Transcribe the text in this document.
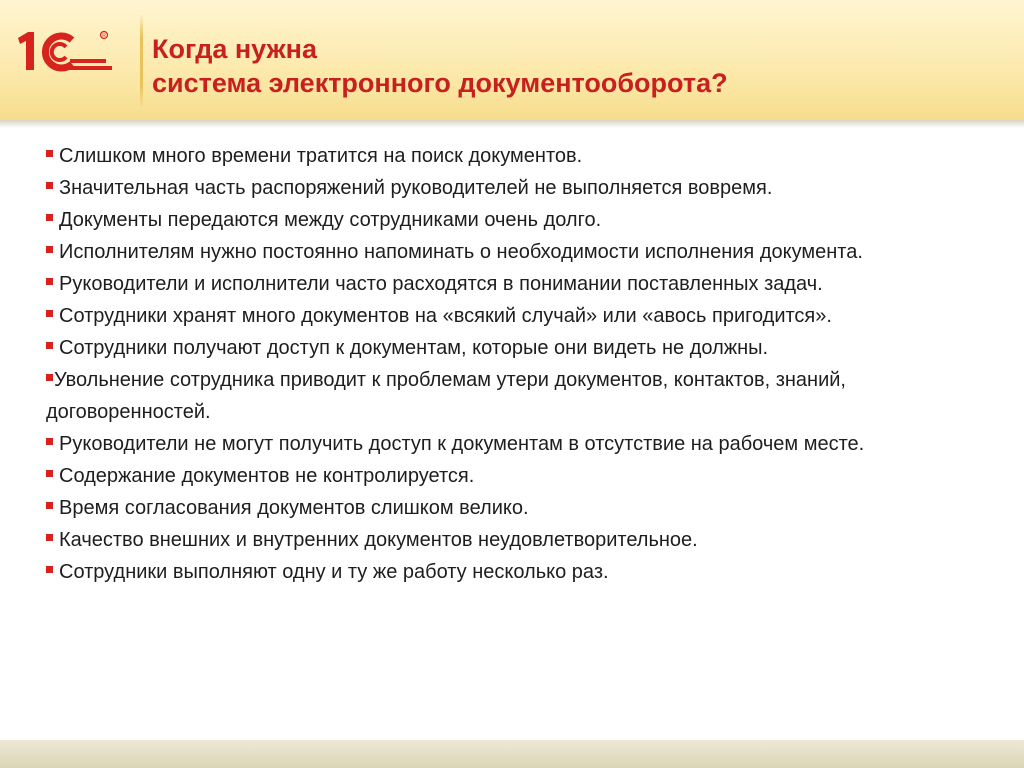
R Когда нужна
система электронного документооборота?
Слишком много времени тратится на поиск документов.
Значительная часть распоряжений руководителей не выполняется вовремя.
Документы передаются между сотрудниками очень долго.
Исполнителям нужно постоянно напоминать о необходимости исполнения документа.
Руководители и исполнители часто расходятся в понимании поставленных задач.
Сотрудники хранят много документов на «всякий случай» или «авось пригодится».
Сотрудники получают доступ к документам, которые они видеть не должны.
Увольнение сотрудника приводит к проблемам утери документов, контактов, знаний, договоренностей.
Руководители не могут получить доступ к документам в отсутствие на рабочем месте.
Содержание документов не контролируется.
Время согласования документов слишком велико.
Качество внешних и внутренних документов неудовлетворительное.
Сотрудники выполняют одну и ту же работу несколько раз.
